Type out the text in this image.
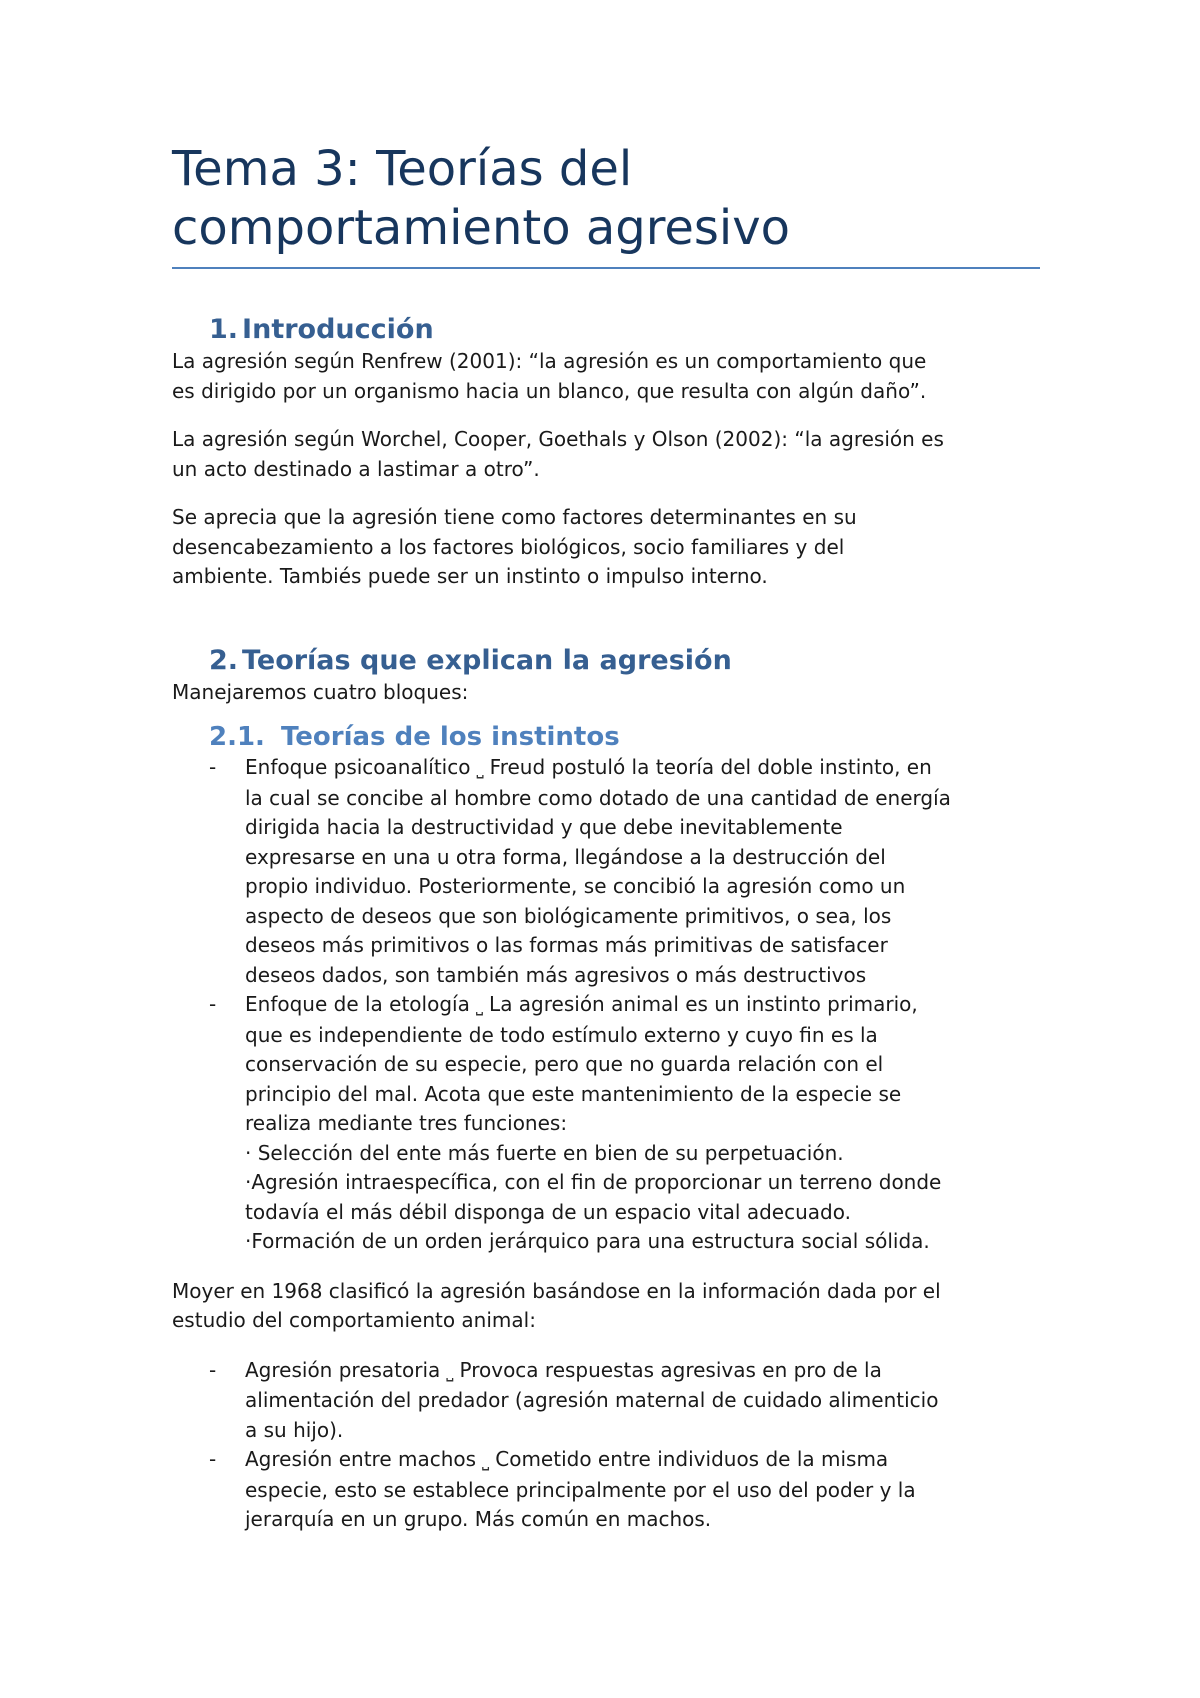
Tema 3: Teorías del
comportamiento agresivo
1. Introducción

La agresión según Renfrew (2001): “la agresión es un comportamiento que
es dirigido por un organismo hacia un blanco, que resulta con algún daño”.

La agresión según Worchel, Cooper, Goethals y Olson (2002): “la agresión es
un acto destinado a lastimar a otro”.

Se aprecia que la agresión tiene como factores determinantes en su
desencabezamiento a los factores biológicos, socio familiares y del
ambiente. Tambiés puede ser un instinto o impulso interno.

2. Teorías que explican la agresión

Manejaremos cuatro bloques:

2.1. Teorías de los instintos
- Enfoque psicoanalítico ⎵ Freud postuló la teoría del doble instinto, en
la cual se concibe al hombre como dotado de una cantidad de energía
dirigida hacia la destructividad y que debe inevitablemente
expresarse en una u otra forma, llegándose a la destrucción del
propio individuo. Posteriormente, se concibió la agresión como un
aspecto de deseos que son biológicamente primitivos, o sea, los
deseos más primitivos o las formas más primitivas de satisfacer
deseos dados, son también más agresivos o más destructivos
- Enfoque de la etología ⎵ La agresión animal es un instinto primario,
que es independiente de todo estímulo externo y cuyo fin es la
conservación de su especie, pero que no guarda relación con el
principio del mal. Acota que este mantenimiento de la especie se
realiza mediante tres funciones:
· Selección del ente más fuerte en bien de su perpetuación.
·Agresión intraespecífica, con el fin de proporcionar un terreno donde
todavía el más débil disponga de un espacio vital adecuado.
·Formación de un orden jerárquico para una estructura social sólida.

Moyer en 1968 clasificó la agresión basándose en la información dada por el
estudio del comportamiento animal:

- Agresión presatoria ⎵ Provoca respuestas agresivas en pro de la
alimentación del predador (agresión maternal de cuidado alimenticio
a su hijo).
- Agresión entre machos ⎵ Cometido entre individuos de la misma
especie, esto se establece principalmente por el uso del poder y la
jerarquía en un grupo. Más común en machos.
